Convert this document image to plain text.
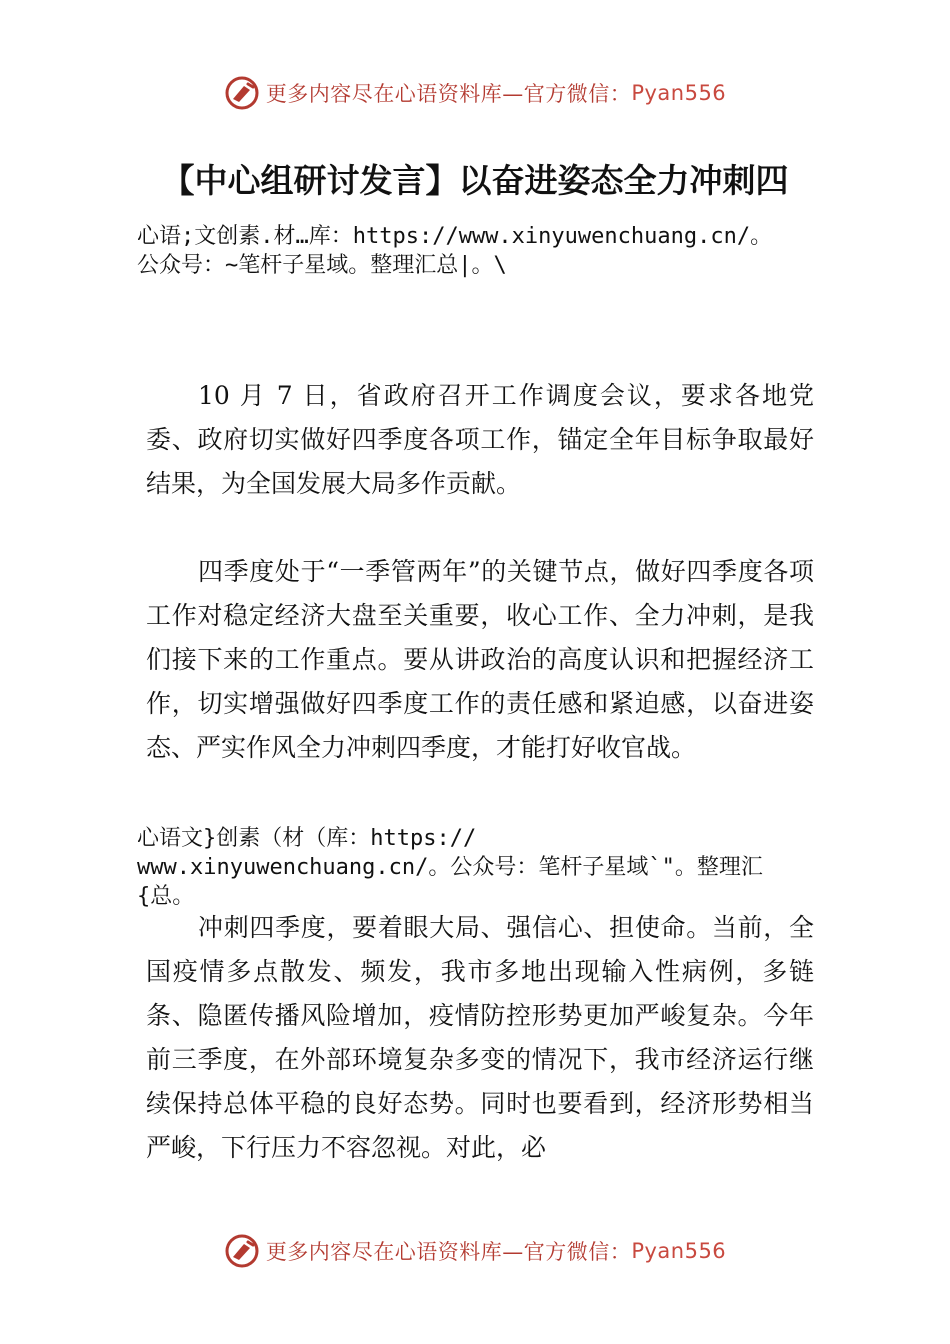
更多内容尽在心语资料库—官方微信： Pyan556
【中心组研讨发言】以奋进姿态全力冲刺四
心语;文创素.材…库：https://www.xinyuwenchuang.cn/。
公众号：~笔杆子星域。整理汇总|。\
10 月 7 日，省政府召开工作调度会议，要求各地党委、政府切实做好四季度各项工作，锚定全年目标争取最好结果，为全国发展大局多作贡献。
四季度处于“一季管两年”的关键节点，做好四季度各项工作对稳定经济大盘至关重要，收心工作、全力冲刺，是我们接下来的工作重点。要从讲政治的高度认识和把握经济工作，切实增强做好四季度工作的责任感和紧迫感，以奋进姿态、严实作风全力冲刺四季度，才能打好收官战。
心语文}创素（材（库：https://
www.xinyuwenchuang.cn/。公众号：笔杆子星域`"。整理汇
{总。
冲刺四季度，要着眼大局、强信心、担使命。当前，全国疫情多点散发、频发，我市多地出现输入性病例，多链条、隐匿传播风险增加，疫情防控形势更加严峻复杂。今年前三季度，在外部环境复杂多变的情况下，我市经济运行继续保持总体平稳的良好态势。同时也要看到，经济形势相当严峻，下行压力不容忽视。对此，必
更多内容尽在心语资料库—官方微信： Pyan556
